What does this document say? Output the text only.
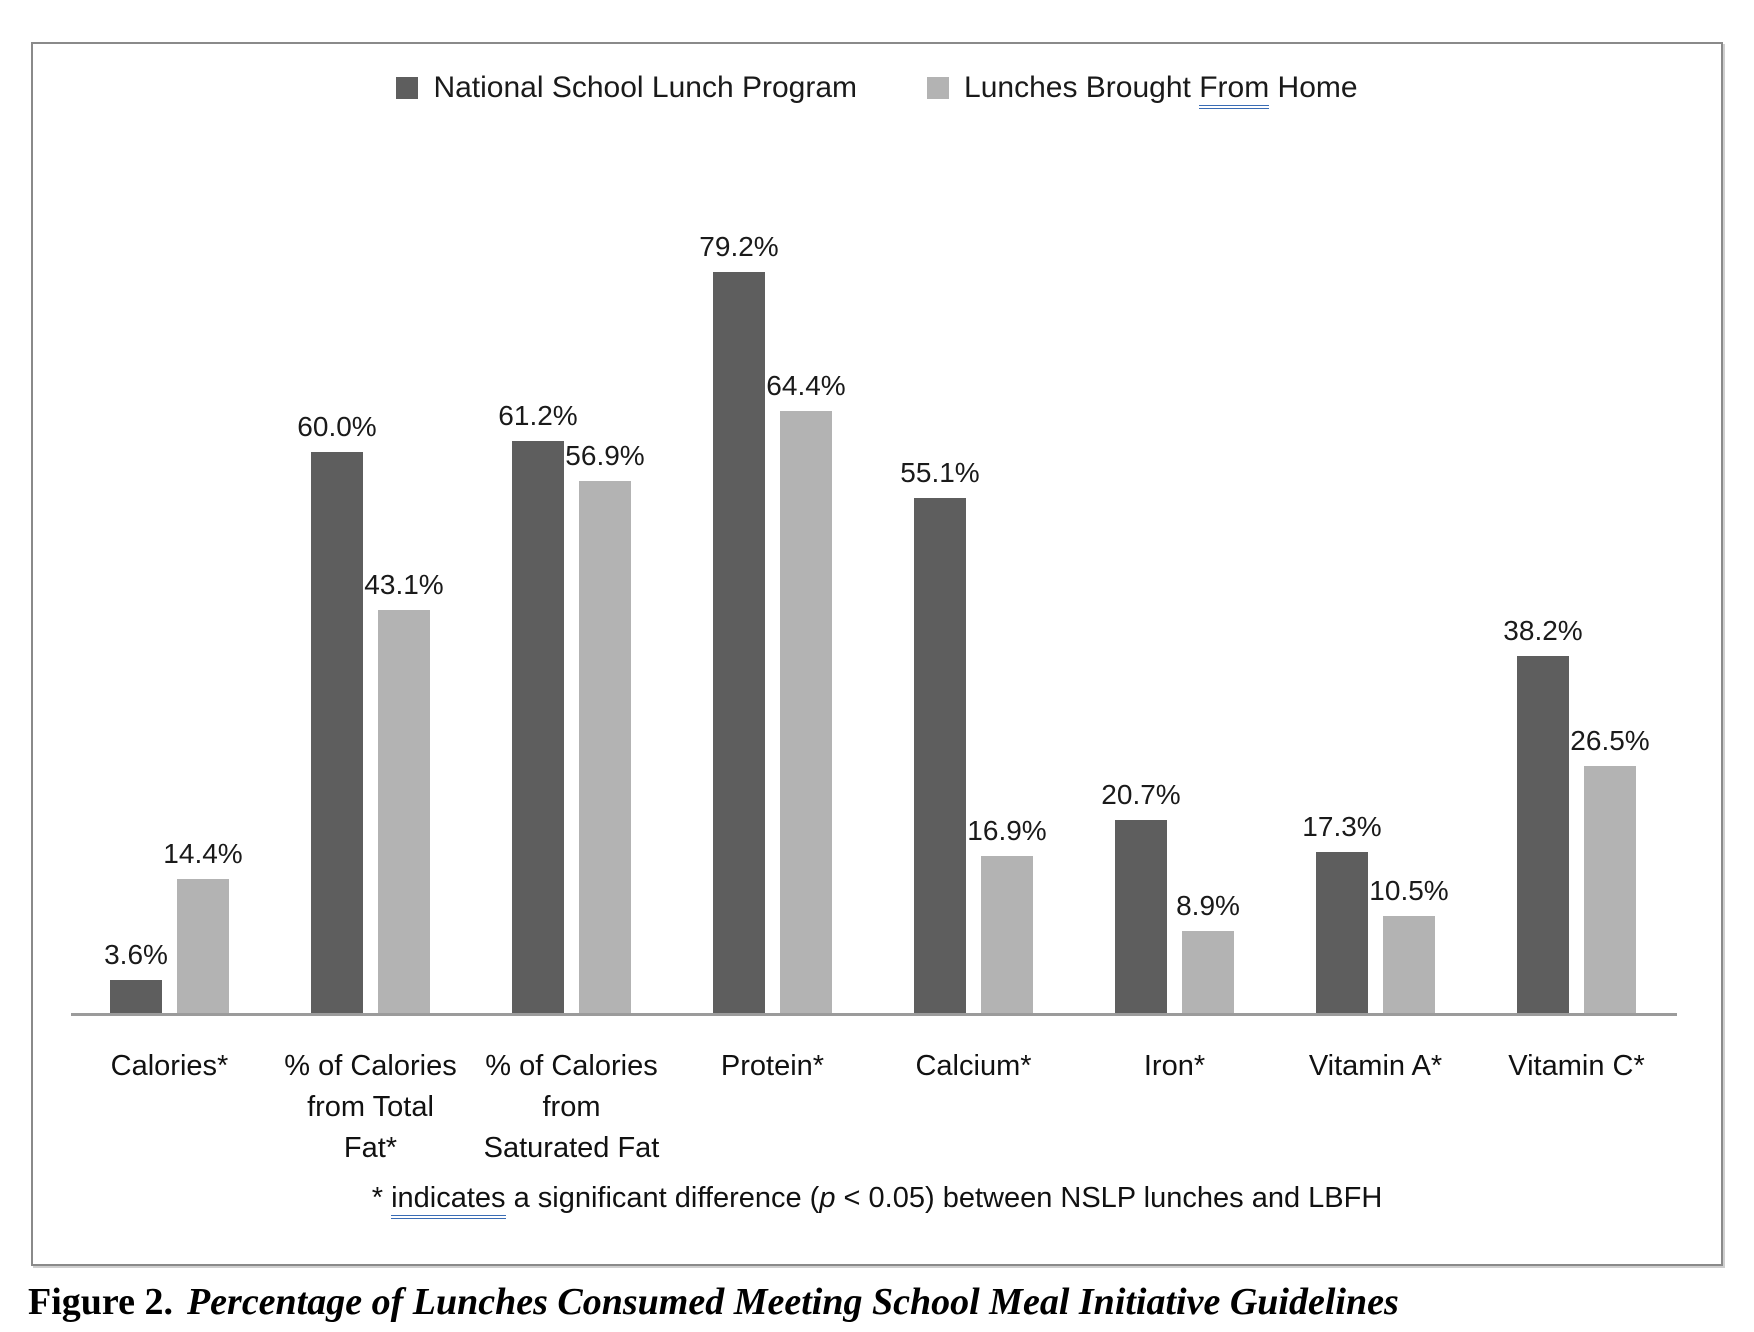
National School Lunch Program	Lunches Brought From Home
3.6%
14.4%
60.0%
43.1%
61.2%
56.9%
79.2%
64.4%
55.1%
16.9%
20.7%
8.9%
17.3%
10.5%
38.2%
26.5%
Calories*	% of Calories
from Total
Fat*
% of Calories
from
Saturated Fat
Protein*	Calcium*	Iron*	Vitamin A*	Vitamin C*
* indicates a significant difference (p < 0.05) between NSLP lunches and LBFH
Figure 2. Percentage of Lunches Consumed Meeting School Meal Initiative Guidelines
